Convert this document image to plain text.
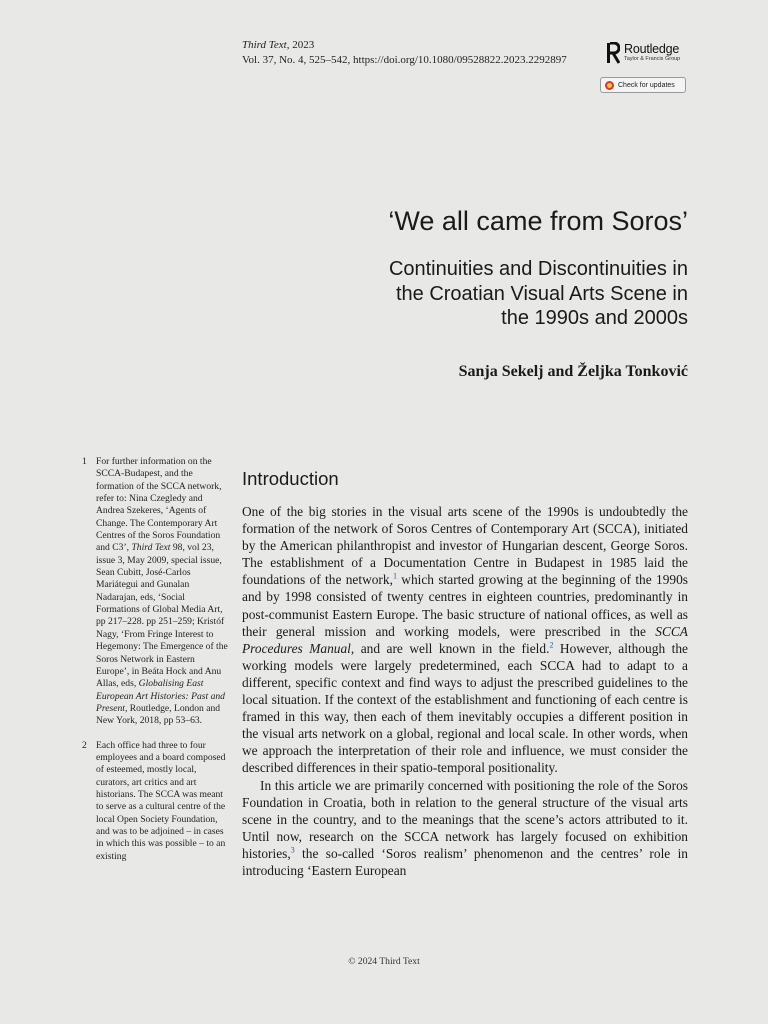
Third Text, 2023
Vol. 37, No. 4, 525–542, https://doi.org/10.1080/09528822.2023.2292897
Routledge
Taylor & Francis Group
Check for updates
‘We all came from Soros’
Continuities and Discontinuities in
the Croatian Visual Arts Scene in
the 1990s and 2000s
Sanja Sekelj and Željka Tonković
1 For further information on the SCCA-Budapest, and the formation of the SCCA network, refer to: Nina Czegledy and Andrea Szekeres, ‘Agents of Change. The Contemporary Art Centres of the Soros Foundation and C3’, Third Text 98, vol 23, issue 3, May 2009, special issue, Sean Cubitt, José-Carlos Mariátegui and Gunalan Nadarajan, eds, ‘Social Formations of Global Media Art, pp 217–228. pp 251–259; Kristóf Nagy, ‘From Fringe Interest to Hegemony: The Emergence of the Soros Network in Eastern Europe’, in Beáta Hock and Anu Allas, eds, Globalising East European Art Histories: Past and Present, Routledge, London and New York, 2018, pp 53–63.
2 Each office had three to four employees and a board composed of esteemed, mostly local, curators, art critics and art historians. The SCCA was meant to serve as a cultural centre of the local Open Society Foundation, and was to be adjoined – in cases in which this was possible – to an existing
Introduction

One of the big stories in the visual arts scene of the 1990s is undoubtedly the formation of the network of Soros Centres of Contemporary Art (SCCA), initiated by the American philanthropist and investor of Hungarian descent, George Soros. The establishment of a Documentation Centre in Budapest in 1985 laid the foundations of the network,$^1$ which started growing at the beginning of the 1990s and by 1998 consisted of twenty centres in eighteen countries, predominantly in post-communist Eastern Europe. The basic structure of national offices, as well as their general mission and working models, were prescribed in the SCCA Procedures Manual, and are well known in the field.$^2$ However, although the working models were largely predetermined, each SCCA had to adapt to a different, specific context and find ways to adjust the prescribed guidelines to the local situation. If the context of the establishment and functioning of each centre is framed in this way, then each of them inevitably occupies a different position in the visual arts network on a global, regional and local scale. In other words, when we approach the interpretation of their role and influence, we must consider the described differences in their spatio-temporal positionality.

In this article we are primarily concerned with positioning the role of the Soros Foundation in Croatia, both in relation to the general structure of the visual arts scene in the country, and to the meanings that the scene’s actors attributed to it. Until now, research on the SCCA network has largely focused on exhibition histories,$^3$ the so-called ‘Soros realism’ phenomenon and the centres’ role in introducing ‘Eastern European

© 2024 Third Text
